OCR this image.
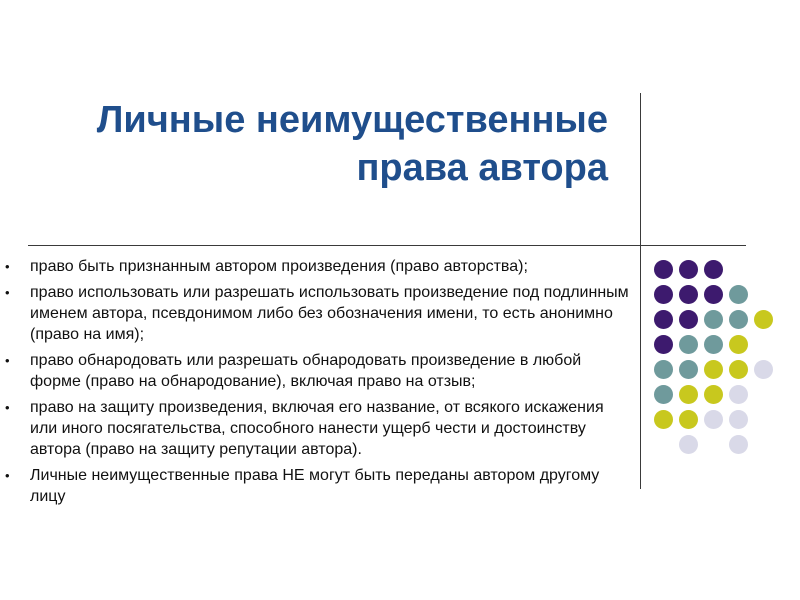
Личные неимущественные
права автора
• право быть признанным автором произведения (право авторства);
• право использовать или разрешать использовать произведение под подлинным именем автора, псевдонимом либо без обозначения имени, то есть анонимно (право на имя);
• право обнародовать или разрешать обнародовать произведение в любой форме (право на обнародование), включая право на отзыв;
• право на защиту произведения, включая его название, от всякого искажения или иного посягательства, способного нанести ущерб чести и достоинству автора (право на защиту репутации автора).
• Личные неимущественные права НЕ могут быть переданы автором другому лицу
